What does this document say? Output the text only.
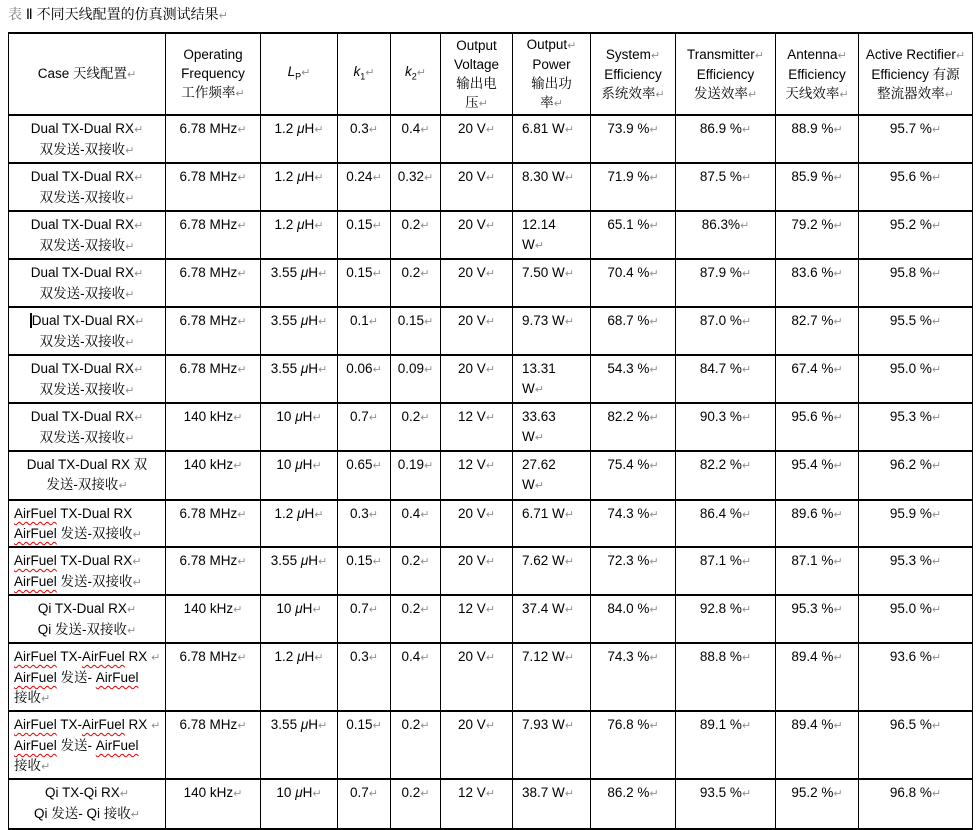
表 Ⅱ 不同天线配置的仿真测试结果↵

Case 天线配置↵	Operating
Frequency
工作频率↵	$L_P↵$	$k_1↵$	$k_2↵$	Output
Voltage
输出电
压↵	Output↵
Power
输出功
率↵	System↵
Efficiency
系统效率↵	Transmitter↵
Efficiency
发送效率↵	Antenna↵
Efficiency
天线效率↵	Active Rectifier↵
Efficiency 有源
整流器效率↵
Dual TX-Dual RX↵
双发送-双接收↵	6.78 MHz↵	1.2 μH↵	0.3↵	0.4↵	20 V↵	6.81 W↵	73.9 %↵	86.9 %↵	88.9 %↵	95.7 %↵
Dual TX-Dual RX↵
双发送-双接收↵	6.78 MHz↵	1.2 μH↵	0.24↵	0.32↵	20 V↵	8.30 W↵	71.9 %↵	87.5 %↵	85.9 %↵	95.6 %↵
Dual TX-Dual RX↵
双发送-双接收↵	6.78 MHz↵	1.2 μH↵	0.15↵	0.2↵	20 V↵	12.14
W↵	65.1 %↵	86.3%↵	79.2 %↵	95.2 %↵
Dual TX-Dual RX↵
双发送-双接收↵	6.78 MHz↵	3.55 μH↵	0.15↵	0.2↵	20 V↵	7.50 W↵	70.4 %↵	87.9 %↵	83.6 %↵	95.8 %↵
Dual TX-Dual RX↵
双发送-双接收↵	6.78 MHz↵	3.55 μH↵	0.1↵	0.15↵	20 V↵	9.73 W↵	68.7 %↵	87.0 %↵	82.7 %↵	95.5 %↵
Dual TX-Dual RX↵
双发送-双接收↵	6.78 MHz↵	3.55 μH↵	0.06↵	0.09↵	20 V↵	13.31
W↵	54.3 %↵	84.7 %↵	67.4 %↵	95.0 %↵
Dual TX-Dual RX↵
双发送-双接收↵	140 kHz↵	10 μH↵	0.7↵	0.2↵	12 V↵	33.63
W↵	82.2 %↵	90.3 %↵	95.6 %↵	95.3 %↵
Dual TX-Dual RX 双
发送-双接收↵	140 kHz↵	10 μH↵	0.65↵	0.19↵	12 V↵	27.62
W↵	75.4 %↵	82.2 %↵	95.4 %↵	96.2 %↵
AirFuel TX-Dual RX
AirFuel 发送-双接收↵	6.78 MHz↵	1.2 μH↵	0.3↵	0.4↵	20 V↵	6.71 W↵	74.3 %↵	86.4 %↵	89.6 %↵	95.9 %↵
AirFuel TX-Dual RX↵
AirFuel 发送-双接收↵	6.78 MHz↵	3.55 μH↵	0.15↵	0.2↵	20 V↵	7.62 W↵	72.3 %↵	87.1 %↵	87.1 %↵	95.3 %↵
Qi TX-Dual RX↵
Qi 发送-双接收↵	140 kHz↵	10 μH↵	0.7↵	0.2↵	12 V↵	37.4 W↵	84.0 %↵	92.8 %↵	95.3 %↵	95.0 %↵
AirFuel TX-AirFuel RX ↵
AirFuel 发送- AirFuel
接收↵	6.78 MHz↵	1.2 μH↵	0.3↵	0.4↵	20 V↵	7.12 W↵	74.3 %↵	88.8 %↵	89.4 %↵	93.6 %↵
AirFuel TX-AirFuel RX ↵
AirFuel 发送- AirFuel
接收↵	6.78 MHz↵	3.55 μH↵	0.15↵	0.2↵	20 V↵	7.93 W↵	76.8 %↵	89.1 %↵	89.4 %↵	96.5 %↵
Qi TX-Qi RX↵
Qi 发送- Qi 接收↵	140 kHz↵	10 μH↵	0.7↵	0.2↵	12 V↵	38.7 W↵	86.2 %↵	93.5 %↵	95.2 %↵	96.8 %↵
